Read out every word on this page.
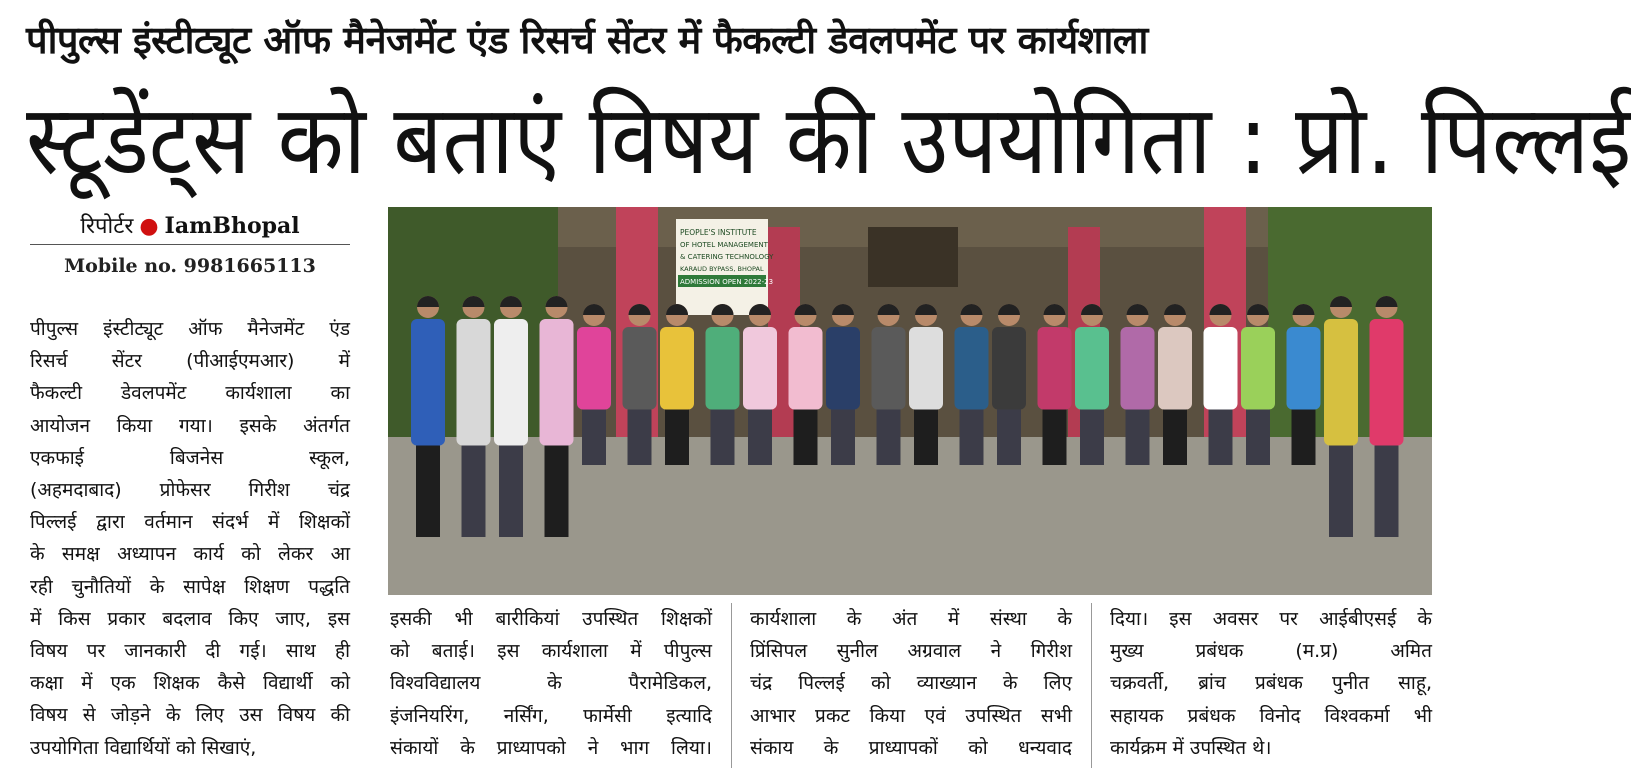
पीपुल्स इंस्टीट्यूट ऑफ मैनेजमेंट एंड रिसर्च सेंटर में फैकल्टी डेवलपमेंट पर कार्यशाला
स्टूडेंट्स को बताएं विषय की उपयोगिता : प्रो. पिल्लई
रिपोर्टर ● IamBhopal
Mobile no. 9981665113
PEOPLE'S INSTITUTE
OF HOTEL MANAGEMENT
& CATERING TECHNOLOGY
KARAUD BYPASS, BHOPAL
ADMISSION OPEN 2022-23

पीपुल्स इंस्टीट्यूट ऑफ मैनेजमेंट एंड

रिसर्च सेंटर (पीआईएमआर) में

फैकल्टी डेवलपमेंट कार्यशाला का

आयोजन किया गया। इसके अंतर्गत

एकफाई बिजनेस स्कूल,

(अहमदाबाद) प्रोफेसर गिरीश चंद्र

पिल्लई द्वारा वर्तमान संदर्भ में शिक्षकों

के समक्ष अध्यापन कार्य को लेकर आ

रही चुनौतियों के सापेक्ष शिक्षण पद्धति

में किस प्रकार बदलाव किए जाए, इस

विषय पर जानकारी दी गई। साथ ही

कक्षा में एक शिक्षक कैसे विद्यार्थी को

विषय से जोड़ने के लिए उस विषय की

उपयोगिता विद्यार्थियों को सिखाएं,

इसकी भी बारीकियां उपस्थित शिक्षकों

को बताई। इस कार्यशाला में पीपुल्स

विश्वविद्यालय के पैरामेडिकल,

इंजनियरिंग, नर्सिंग, फार्मेसी इत्यादि

संकायों के प्राध्यापको ने भाग लिया।

कार्यशाला के अंत में संस्था के

प्रिंसिपल सुनील अग्रवाल ने गिरीश

चंद्र पिल्लई को व्याख्यान के लिए

आभार प्रकट किया एवं उपस्थित सभी

संकाय के प्राध्यापकों को धन्यवाद

दिया। इस अवसर पर आईबीएसई के

मुख्य प्रबंधक (म.प्र) अमित

चक्रवर्ती, ब्रांच प्रबंधक पुनीत साहू,

सहायक प्रबंधक विनोद विश्वकर्मा भी

कार्यक्रम में उपस्थित थे।
